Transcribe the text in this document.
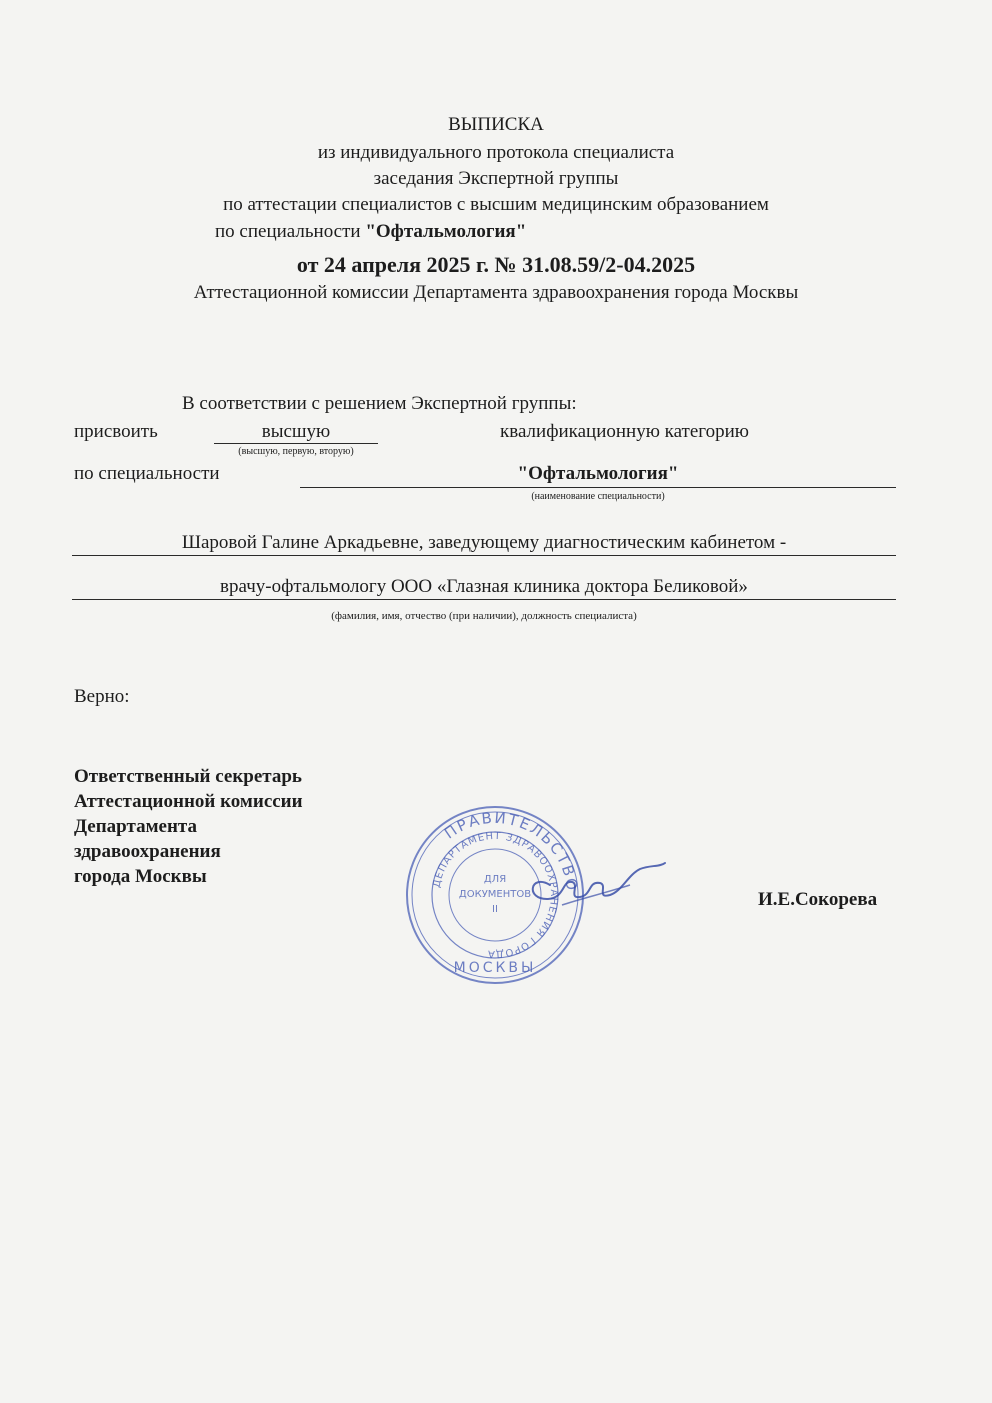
ВЫПИСКА
из индивидуального протокола специалиста
заседания Экспертной группы
по аттестации специалистов с высшим медицинским образованием
по специальности "Офтальмология"
от 24 апреля 2025 г. № 31.08.59/2-04.2025
Аттестационной комиссии Департамента здравоохранения города Москвы
В соответствии с решением Экспертной группы:
присвоить	высшую
(высшую, первую, вторую)
квалификационную категорию
по специальности	"Офтальмология"
(наименование специальности)
Шаровой Галине Аркадьевне, заведующему диагностическим кабинетом -
врачу-офтальмологу ООО «Глазная клиника доктора Беликовой»
(фамилия, имя, отчество (при наличии), должность специалиста)
Верно:
Ответственный секретарь
Аттестационной комиссии
Департамента
здравоохранения
города Москвы
И.Е.Сокорева
ПРАВИТЕЛЬСТВО
ДЕПАРТАМЕНТ ЗДРАВООХРАНЕНИЯ ГОРОДА
МОСКВЫ
ДЛЯ
ДОКУМЕНТОВ
II
